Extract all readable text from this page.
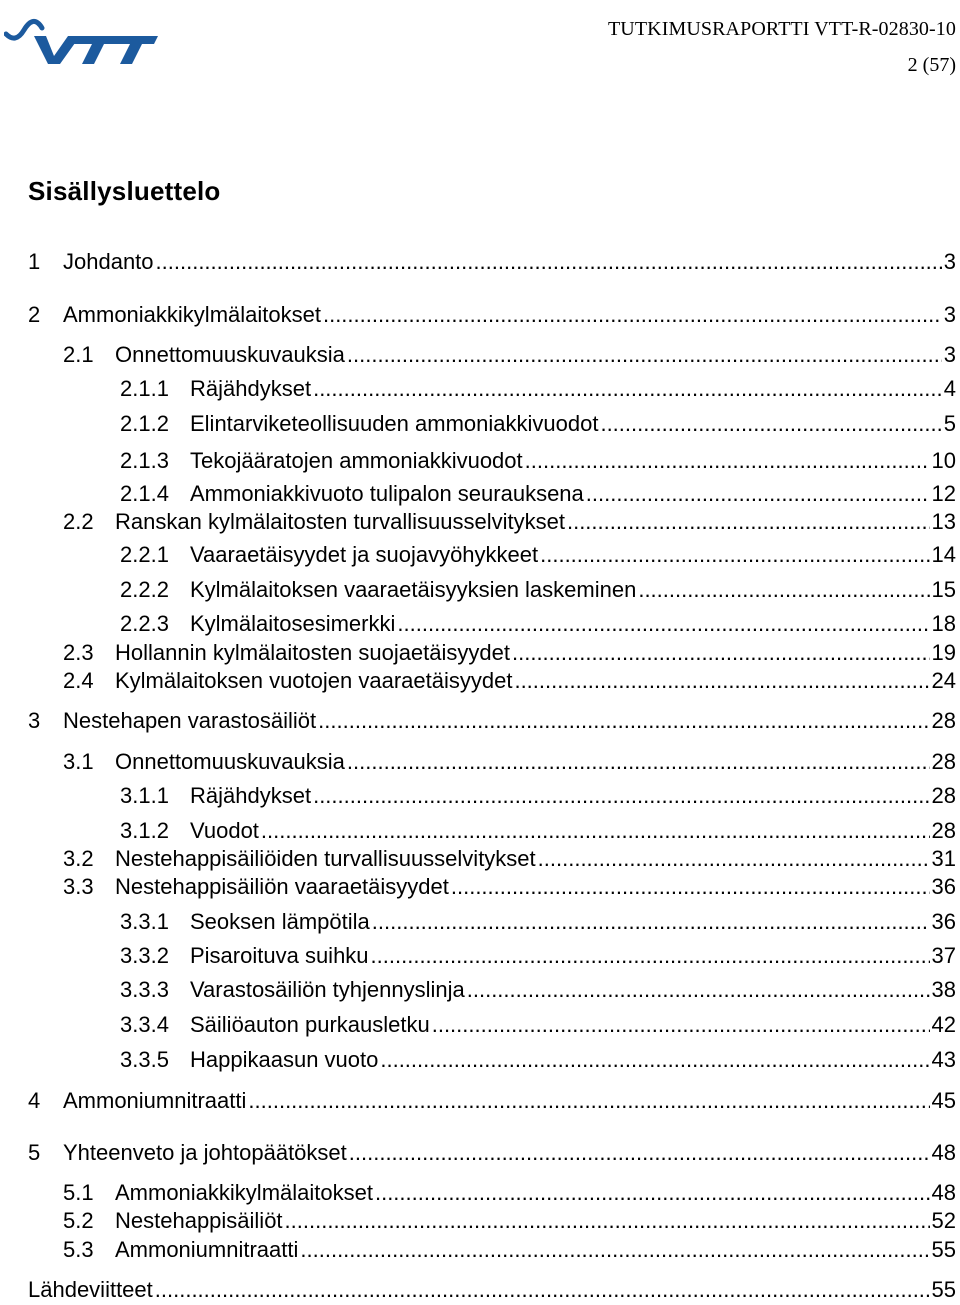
TUTKIMUSRAPORTTI VTT-R-02830-10
2 (57)
Sisällysluettelo
1	Johdanto .....	3
2	Ammoniakkikylmälaitokset .....	3
2.1 Onnettomuuskuvauksia .....	3
2.1.1 Räjähdykset .....	4
2.1.2 Elintarviketeollisuuden ammoniakkivuodot .....	5
2.1.3 Tekojääratojen ammoniakkivuodot .....	10
2.1.4 Ammoniakkivuoto tulipalon seurauksena .....	12
2.2 Ranskan kylmälaitosten turvallisuusselvitykset .....	13
2.2.1 Vaaraetäisyydet ja suojavyöhykkeet .....	14
2.2.2 Kylmälaitoksen vaaraetäisyyksien laskeminen .....	15
2.2.3 Kylmälaitosesimerkki .....	18
2.3 Hollannin kylmälaitosten suojaetäisyydet .....	19
2.4 Kylmälaitoksen vuotojen vaaraetäisyydet .....	24
3	Nestehapen varastosäiliöt .....	28
3.1 Onnettomuuskuvauksia .....	28
3.1.1 Räjähdykset .....	28
3.1.2 Vuodot .....	28
3.2 Nestehappisäiliöiden turvallisuusselvitykset .....	31
3.3 Nestehappisäiliön vaaraetäisyydet .....	36
3.3.1 Seoksen lämpötila .....	36
3.3.2 Pisaroituva suihku .....	37
3.3.3 Varastosäiliön tyhjennyslinja .....	38
3.3.4 Säiliöauton purkausletku .....	42
3.3.5 Happikaasun vuoto .....	43
4	Ammoniumnitraatti .....	45
5	Yhteenveto ja johtopäätökset .....	48
5.1 Ammoniakkikylmälaitokset .....	48
5.2 Nestehappisäiliöt .....	52
5.3 Ammoniumnitraatti .....	55
Lähdeviitteet .....	55
